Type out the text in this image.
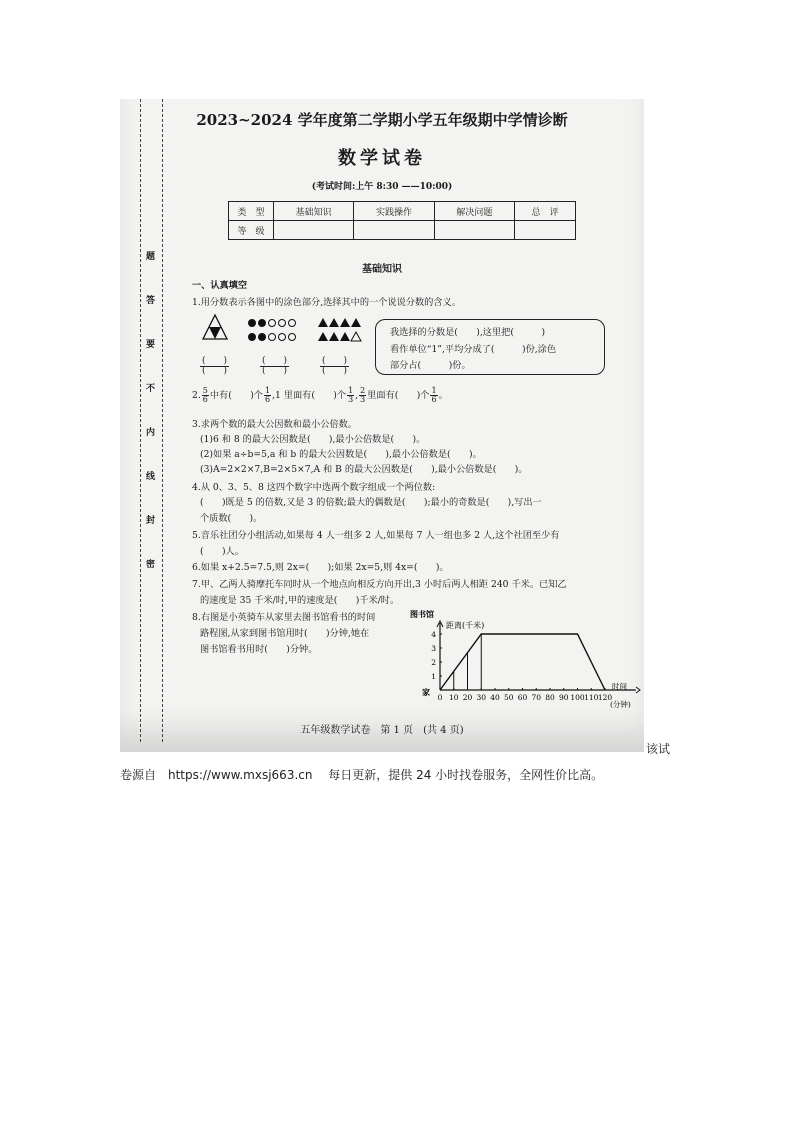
题
答
要
不
内
线
封
密
2023~2024 学年度第二学期小学五年级期中学情诊断
数学试卷
(考试时间:上午 8:30 ——10:00)
类　型	基础知识	实践操作	解决问题	总　评
等　级				
基础知识
一、认真填空
1.用分数表示各图中的涂色部分,选择其中的一个说说分数的含义。
(　　)
(　　)
(　　)
(　　)
(　　)
(　　)
我选择的分数是(　　),这里把(　　　)
看作单位“1”,平均分成了(　　　)份,涂色
部分占(　　　)份。
2. $\frac{5}{6}$ 中有(　　)个 $\frac{1}{6} ,1$ 里面有(　　)个 $\frac{1}{3}$ , $\frac{2}{3}$ 里面有(　　)个 $\frac{1}{6}$ 。
3.求两个数的最大公因数和最小公倍数。
(1)6 和 8 的最大公因数是(　　),最小公倍数是(　　)。
(2)如果 a÷b=5,a 和 b 的最大公因数是(　　),最小公倍数是(　　)。
(3)A=2×2×7,B=2×5×7,A 和 B 的最大公因数是(　　),最小公倍数是(　　)。
4.从 0、3、5、8 这四个数字中选两个数字组成一个两位数:
(　　)既是 5 的倍数,又是 3 的倍数;最大的偶数是(　　);最小的奇数是(　　),写出一
个质数(　　)。
5.音乐社团分小组活动,如果每 4 人一组多 2 人,如果每 7 人一组也多 2 人,这个社团至少有
(　　)人。
6.如果 x+2.5=7.5,则 2x=(　　);如果 2x=5,则 4x=(　　)。
7.甲、乙两人骑摩托车同时从一个地点向相反方向开出,3 小时后两人相距 240 千米。已知乙
的速度是 35 千米/时,甲的速度是(　　)千米/时。
8.右图是小英骑车从家里去图书馆看书的时间
路程图,从家到图书馆用时(　　)分钟,她在
图书馆看书用时(　　)分钟。
图书馆
距离(千米)
家
时间
(分钟)
0 10 20 30 40 50 60 70 80 90 100 110 120
1
2
3
4
五年级数学试卷　第 1 页　(共 4 页)
该试
卷源自　https://www.mxsj663.cn　 每日更新，提供 24 小时找卷服务，全网性价比高。
